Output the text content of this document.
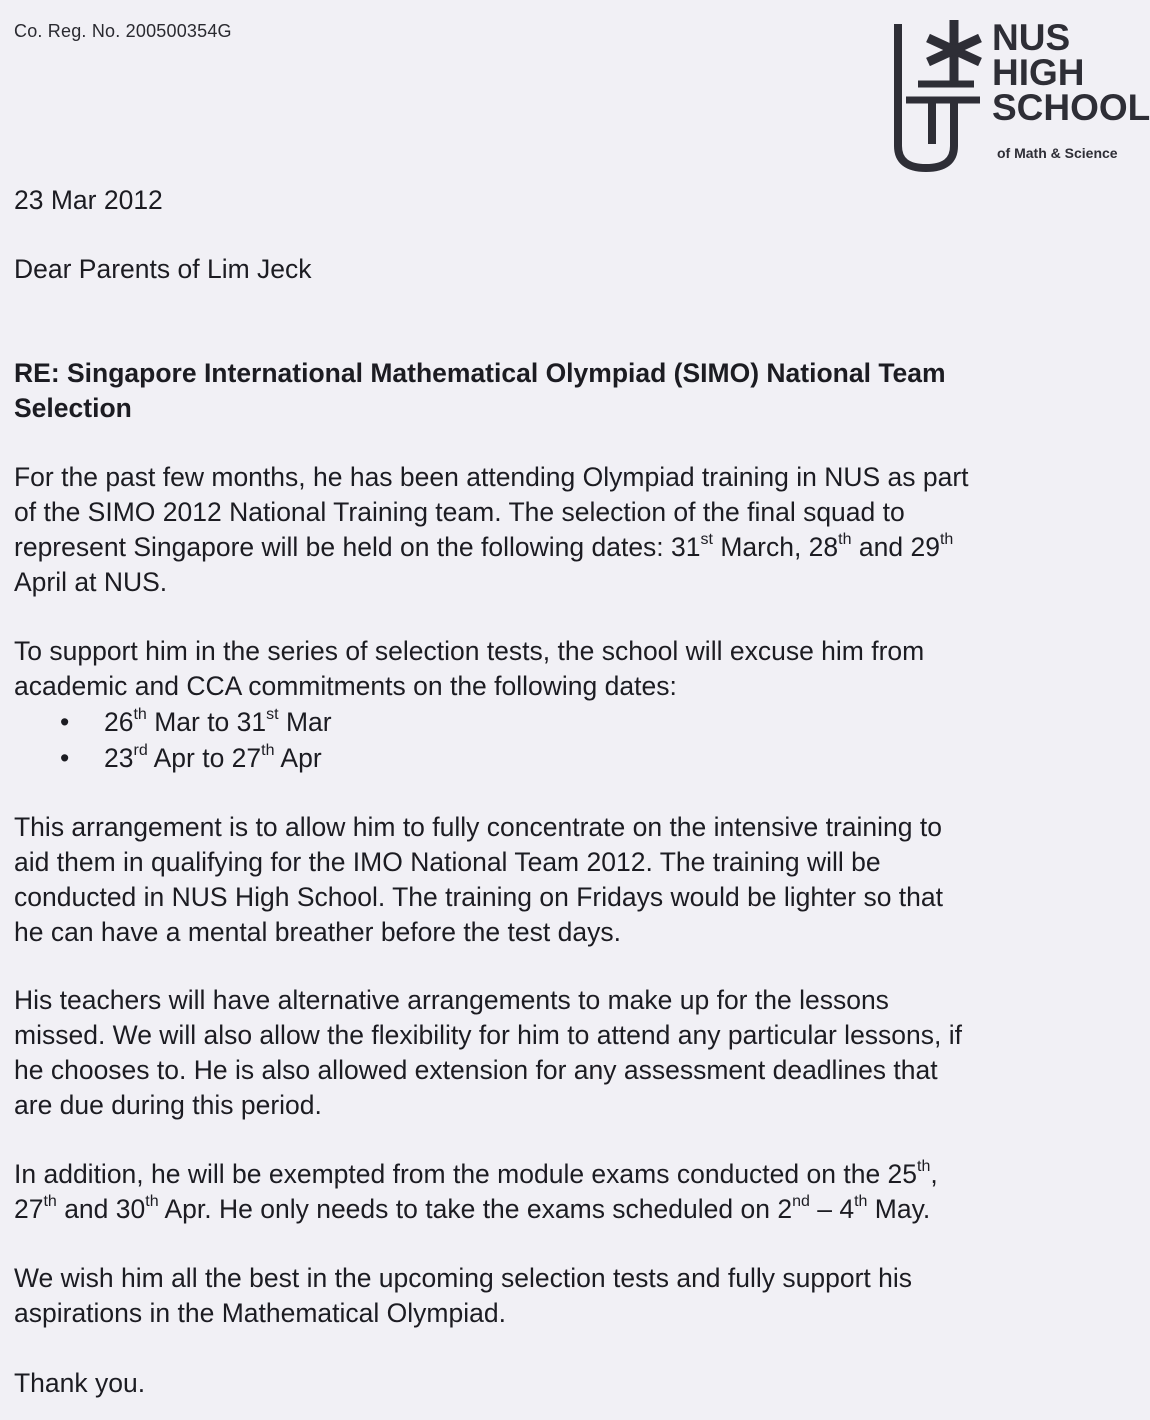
Co. Reg. No. 200500354G	NUS
HIGH
SCHOOL
of Math & Science
23 Mar 2012
Dear Parents of Lim Jeck
RE: Singapore International Mathematical Olympiad (SIMO) National Team
Selection
For the past few months, he has been attending Olympiad training in NUS as part
of the SIMO 2012 National Training team. The selection of the final squad to
represent Singapore will be held on the following dates: 31st March, 28th and 29th
April at NUS.
To support him in the series of selection tests, the school will excuse him from
academic and CCA commitments on the following dates:
• 26th Mar to 31st Mar
• 23rd Apr to 27th Apr
This arrangement is to allow him to fully concentrate on the intensive training to
aid them in qualifying for the IMO National Team 2012. The training will be
conducted in NUS High School. The training on Fridays would be lighter so that
he can have a mental breather before the test days.
His teachers will have alternative arrangements to make up for the lessons
missed. We will also allow the flexibility for him to attend any particular lessons, if
he chooses to. He is also allowed extension for any assessment deadlines that
are due during this period.
In addition, he will be exempted from the module exams conducted on the 25th,
27th and 30th Apr. He only needs to take the exams scheduled on 2nd – 4th May.
We wish him all the best in the upcoming selection tests and fully support his
aspirations in the Mathematical Olympiad.
Thank you.
